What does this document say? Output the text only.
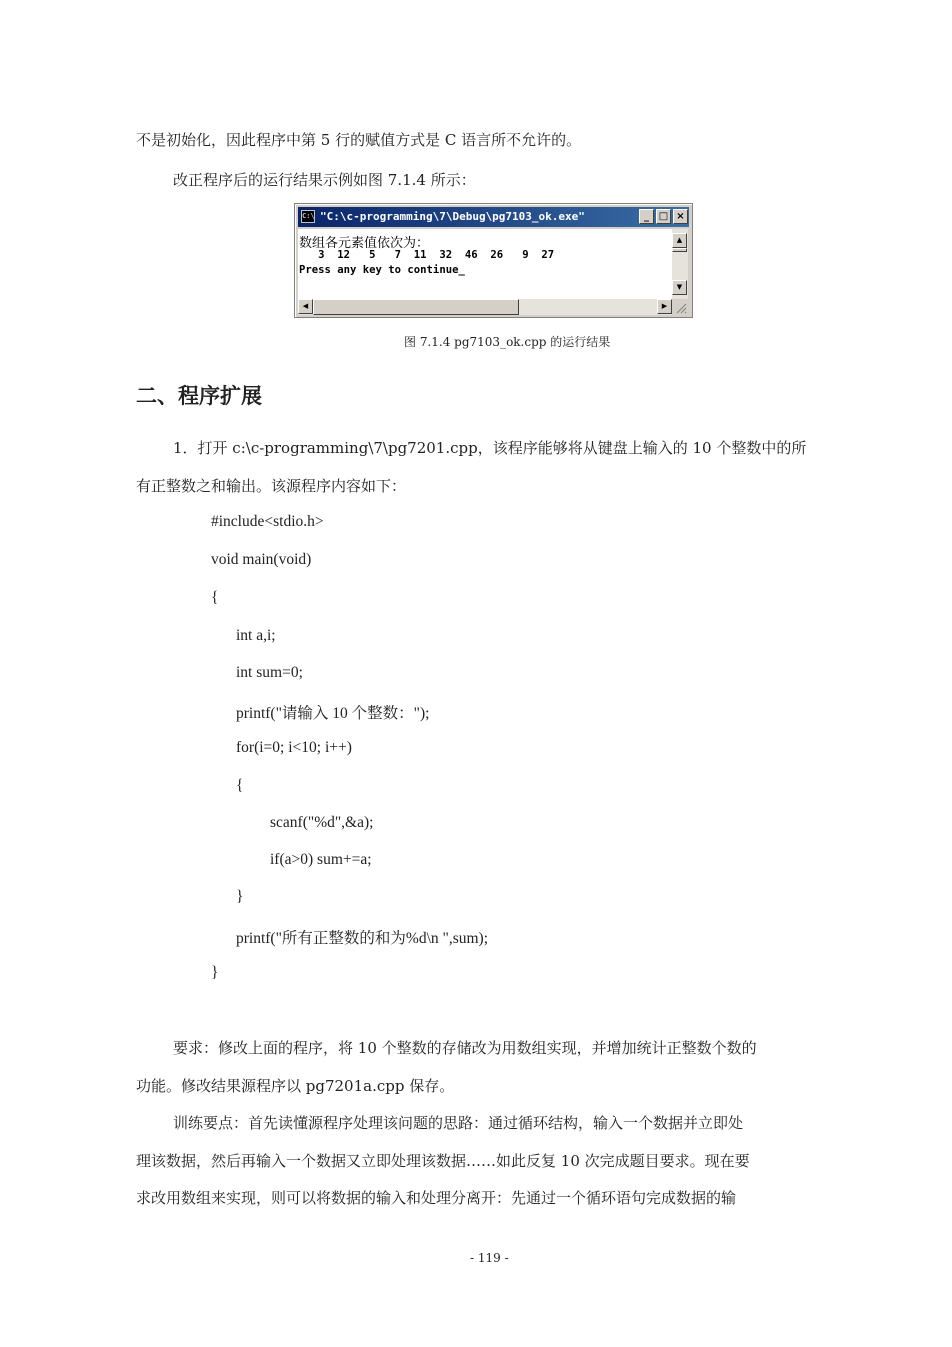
不是初始化，因此程序中第 5 行的赋值方式是 C 语言所不允许的。
改正程序后的运行结果示例如图 7.1.4 所示：
C:\ "C:\c-programming\7\Debug\pg7103_ok.exe"	_ □ ×
数组各元素值依次为：
3  12   5   7  11  32  46  26   9  27
Press any key to continue_
▲
▼
◀	▶
图 7.1.4 pg7103_ok.cpp 的运行结果
二、程序扩展
1．打开 c:\c-programming\7\pg7201.cpp，该程序能够将从键盘上输入的 10 个整数中的所
有正整数之和输出。该源程序内容如下：
#include<stdio.h>
void main(void)
{
int a,i;
int sum=0;
printf("请输入 10 个整数：");
for(i=0; i<10; i++)
{
scanf("%d",&a);
if(a>0) sum+=a;
}
printf("所有正整数的和为%d\n ",sum);
}
要求：修改上面的程序，将 10 个整数的存储改为用数组实现，并增加统计正整数个数的
功能。修改结果源程序以 pg7201a.cpp 保存。
训练要点：首先读懂源程序处理该问题的思路：通过循环结构，输入一个数据并立即处
理该数据，然后再输入一个数据又立即处理该数据……如此反复 10 次完成题目要求。现在要
求改用数组来实现，则可以将数据的输入和处理分离开：先通过一个循环语句完成数据的输
- 119 -
